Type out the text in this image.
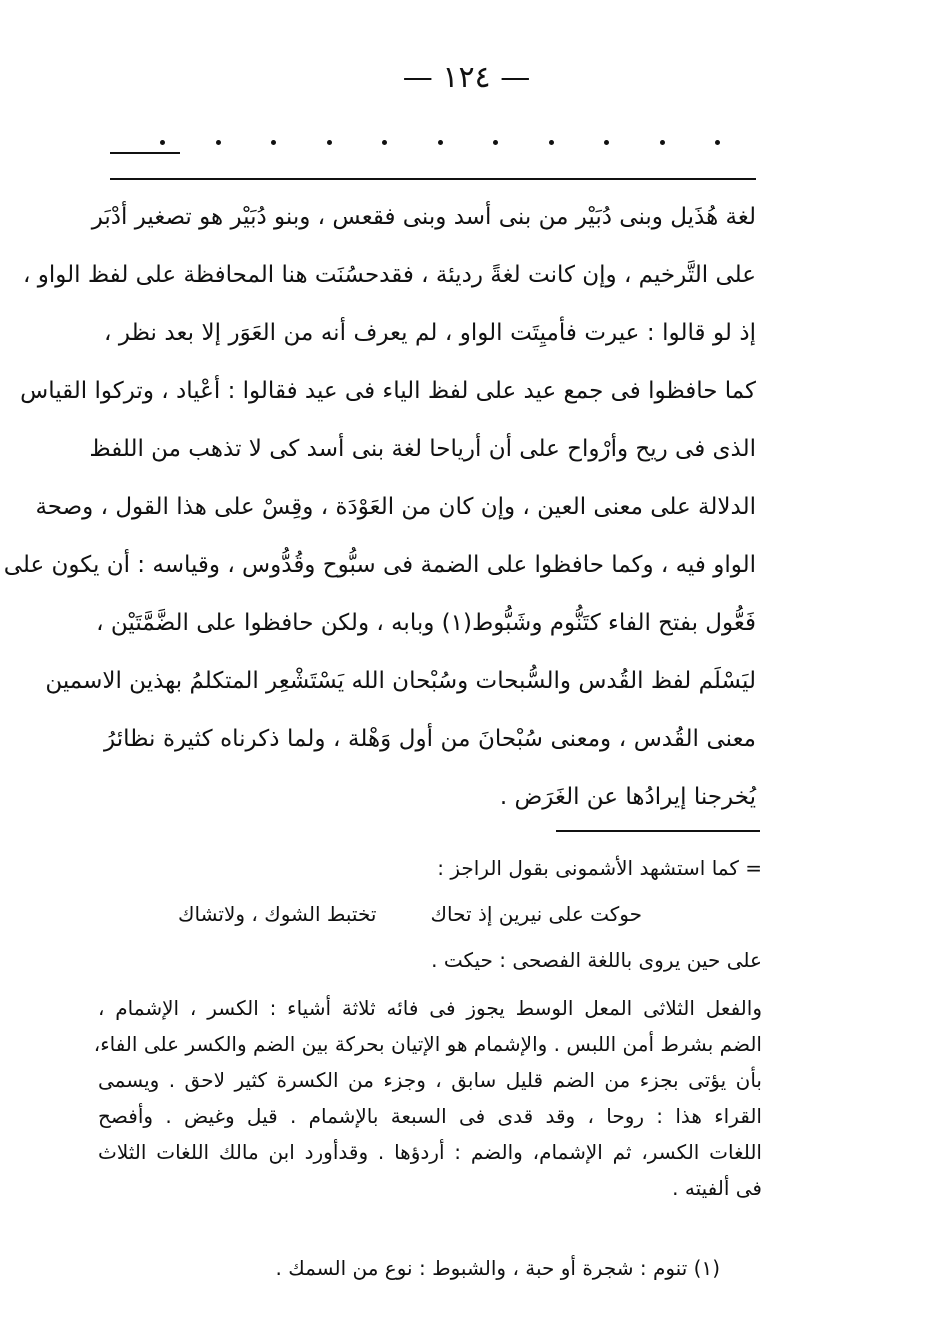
— ١٢٤ —
لغة هُذَيل وبنى دُبَيْر من بنى أسد وبنى فقعس ، وبنو دُبَيْر هو تصغير أدْبَر
على التَّرخيم ، وإن كانت لغةً رديئة ، فقدحسُنَت هنا المحافظة على لفظ الواو ،
إذ لو قالوا : عيرت فأميِتَت الواو ، لم يعرف أنه من العَوَر إلا بعد نظر ،
كما حافظوا فى جمع عيد على لفظ الياء فى عيد فقالوا : أعْياد ، وتركوا القياس
الذى فى ريح وأرْواح على أن أرياحا لغة بنى أسد كى لا تذهب من اللفظ
الدلالة على معنى العين ، وإن كان من العَوْدَة ، وقِسْ على هذا القول ، وصحة
الواو فيه ، وكما حافظوا على الضمة فى سبُّوح وقُدُّوس ، وقياسه : أن يكون على
فَعُّول بفتح الفاء كتَنُّوم وشَبُّوط(١) وبابه ، ولكن حافظوا على الضَّمَّتَيْن ،
ليَسْلَم لفظ القُدس والسُّبحات وسُبْحان الله يَسْتَشْعِر المتكلمُ بهذين الاسمين
معنى القُدس ، ومعنى سُبْحانَ من أول وَهْلة ، ولما ذكرناه كثيرة نظائرُ
يُخرجنا إيرادُها عن الغَرَض .
= كما استشهد الأشمونى بقول الراجز :
حوكت على نيرين إذ تحاك
تختبط الشوك ، ولاتشاك
على حين يروى باللغة الفصحى : حيكت .
والفعل الثلاثى المعل الوسط يجوز فى فائه ثلاثة أشياء : الكسر ، الإشمام ،
الضم بشرط أمن اللبس . والإشمام هو الإتيان بحركة بين الضم والكسر على الفاء،
بأن يؤتى بجزء من الضم قليل سابق ، وجزء من الكسرة كثير لاحق . ويسمى
القراء هذا : روحا ، وقد قدى فى السبعة بالإشمام . قيل وغيض . وأفصح
اللغات الكسر، ثم الإشمام، والضم : أردؤها . وقدأورد ابن مالك اللغات الثلاث
فى ألفيته .
(١) تنوم : شجرة أو حبة ، والشبوط : نوع من السمك .
